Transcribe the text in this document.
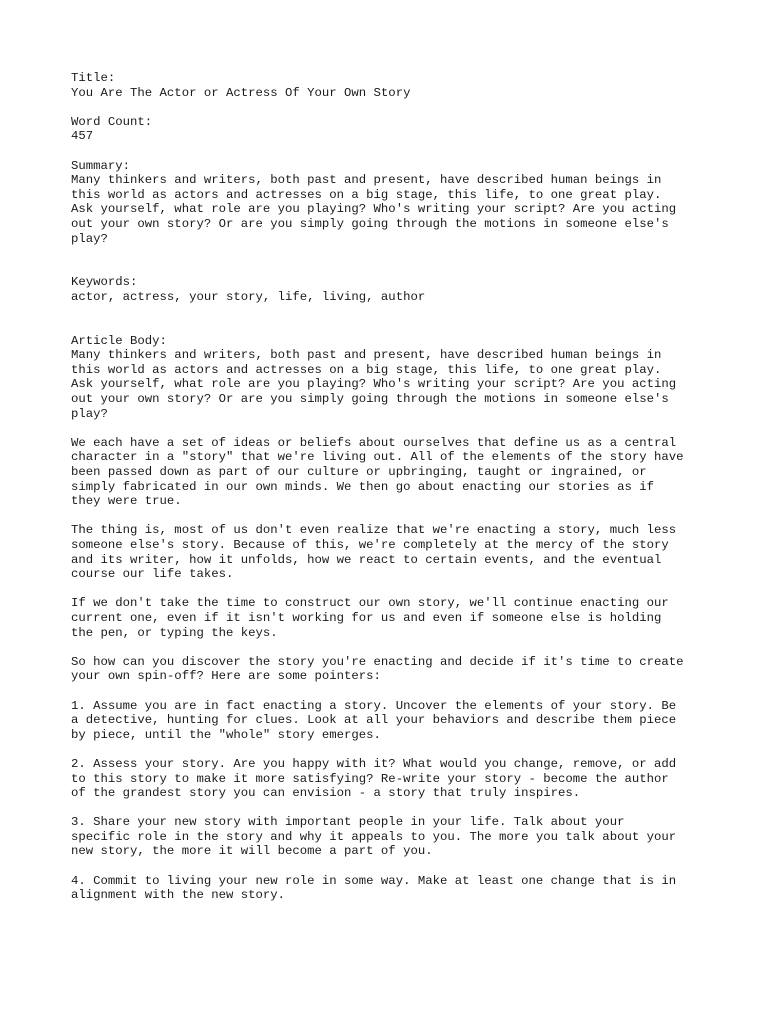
Title:
You Are The Actor or Actress Of Your Own Story
Word Count:
457
Summary:
Many thinkers and writers, both past and present, have described human beings in
this world as actors and actresses on a big stage, this life, to one great play.
Ask yourself, what role are you playing? Who's writing your script? Are you acting
out your own story? Or are you simply going through the motions in someone else's
play?
Keywords:
actor, actress, your story, life, living, author
Article Body:
Many thinkers and writers, both past and present, have described human beings in
this world as actors and actresses on a big stage, this life, to one great play.
Ask yourself, what role are you playing? Who's writing your script? Are you acting
out your own story? Or are you simply going through the motions in someone else's
play?
We each have a set of ideas or beliefs about ourselves that define us as a central
character in a "story" that we're living out. All of the elements of the story have
been passed down as part of our culture or upbringing, taught or ingrained, or
simply fabricated in our own minds. We then go about enacting our stories as if
they were true.
The thing is, most of us don't even realize that we're enacting a story, much less
someone else's story. Because of this, we're completely at the mercy of the story
and its writer, how it unfolds, how we react to certain events, and the eventual
course our life takes.
If we don't take the time to construct our own story, we'll continue enacting our
current one, even if it isn't working for us and even if someone else is holding
the pen, or typing the keys.
So how can you discover the story you're enacting and decide if it's time to create
your own spin-off? Here are some pointers:
1. Assume you are in fact enacting a story. Uncover the elements of your story. Be
a detective, hunting for clues. Look at all your behaviors and describe them piece
by piece, until the "whole" story emerges.
2. Assess your story. Are you happy with it? What would you change, remove, or add
to this story to make it more satisfying? Re-write your story - become the author
of the grandest story you can envision - a story that truly inspires.
3. Share your new story with important people in your life. Talk about your
specific role in the story and why it appeals to you. The more you talk about your
new story, the more it will become a part of you.
4. Commit to living your new role in some way. Make at least one change that is in
alignment with the new story.
